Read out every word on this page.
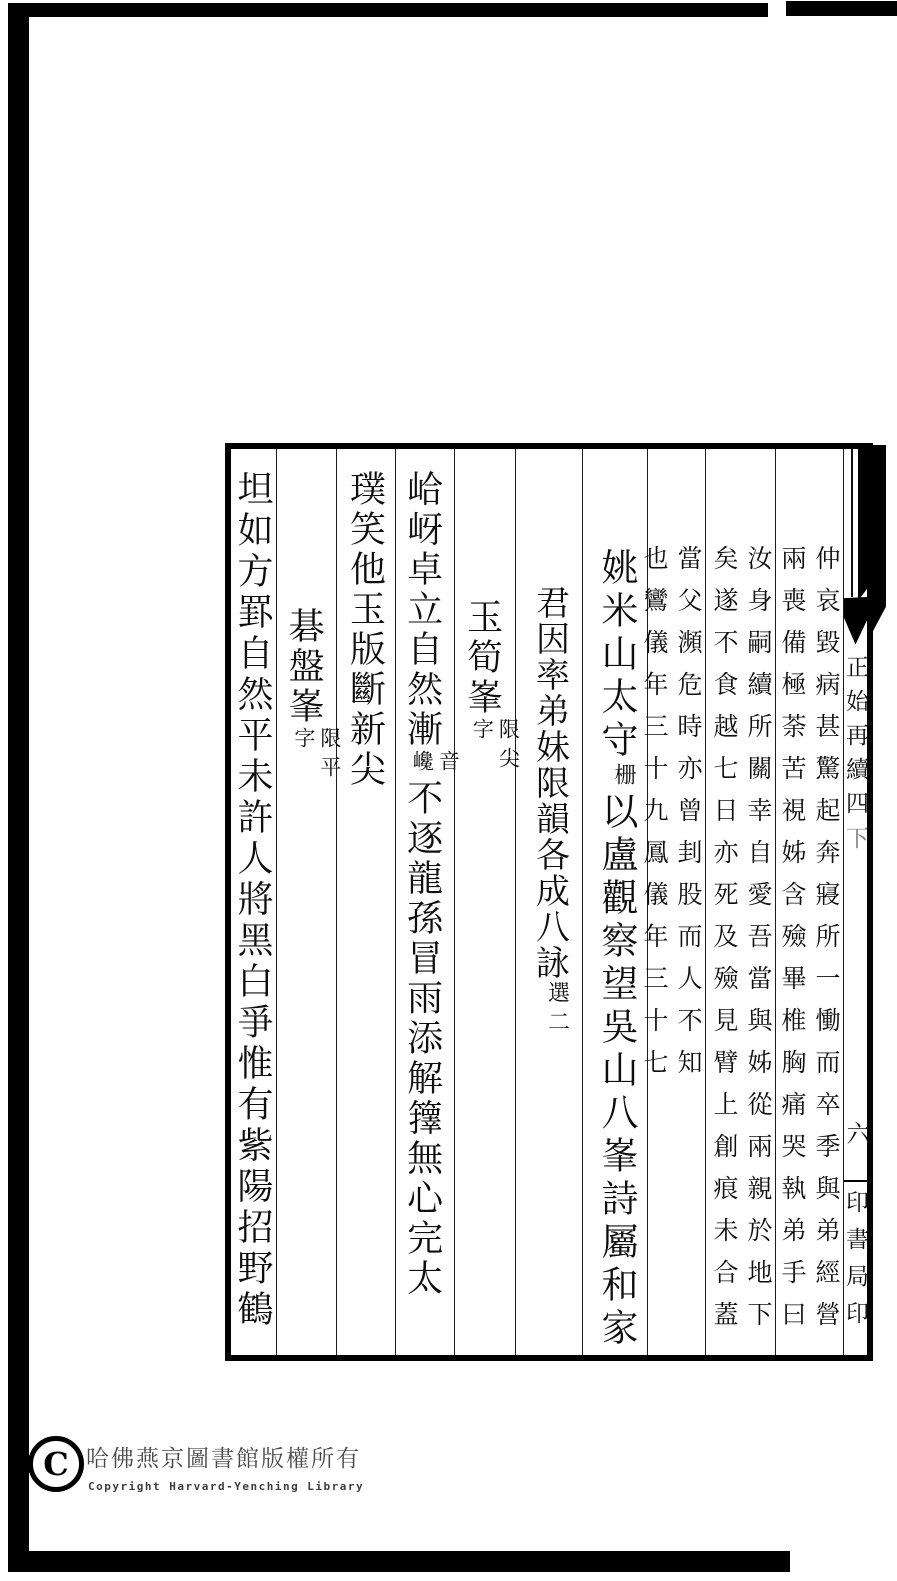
坦如方罫自然平未許人將黑白爭惟有紫陽招野鶴 碁盤峯
限平
字 璞笑他玉版斷新尖 峆岈卓立自然漸
音
巉
不逐龍孫冒雨添解籜無心完太
玉筍峯
限尖
字 君因率弟妹限韻各成八詠選二
姚米山太守栅以盧觀察望吳山八峯詩屬和家 當父瀕危時亦曾刲股而人不知
也鸞儀年三十九鳳儀年三十七	汝身嗣續所關幸自愛吾當與姊從兩親於地下
矣遂不食越七日亦死及殮見臂上創痕未合蓋	仲哀毀病甚驚起奔寢所一慟而卒季與弟經營
兩喪備極荼苦視姊含殮畢椎胸痛哭執弟手曰 正始再續四
下
六
印書局印
C 哈佛燕京圖書館版權所有
Copyright Harvard-Yenching Library
